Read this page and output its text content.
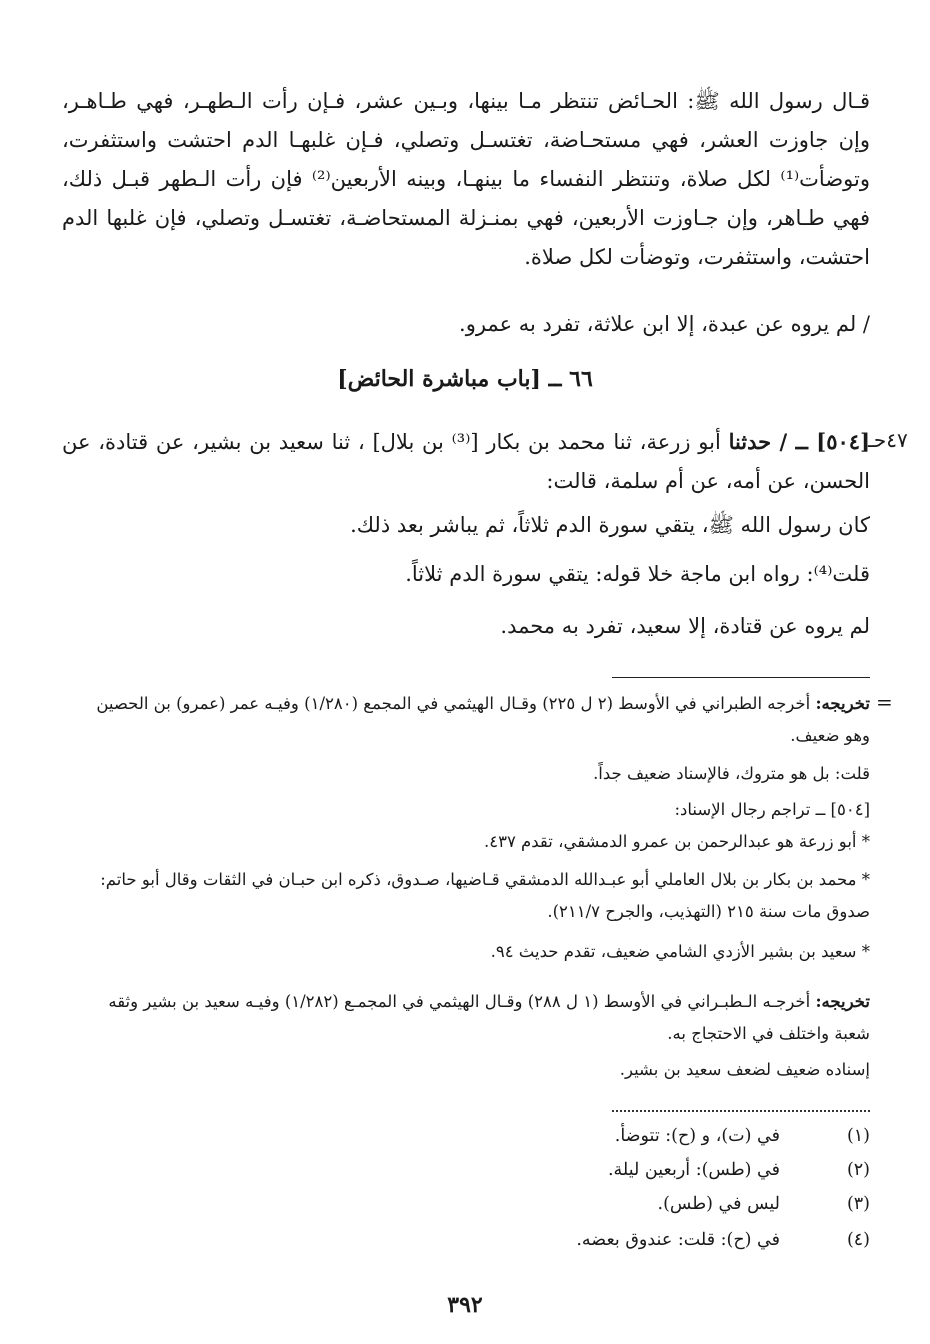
قـال رسول الله ﷺ: الحـائض تنتظر مـا بينها، وبـين عشر، فـإن رأت الـطهـر، فهي طـاهـر، وإن جاوزت العشر، فهي مستحـاضة، تغتسـل وتصلي، فـإن غلبهـا الدم احتشت واستثفرت، وتوضأت⁽¹⁾ لكل صلاة، وتنتظر النفساء ما بينهـا، وبينه الأربعين⁽²⁾ فإن رأت الـطهر قبـل ذلك، فهي طـاهر، وإن جـاوزت الأربعين، فهي بمنـزلة المستحاضـة، تغتسـل وتصلي، فإن غلبها الدم احتشت، واستثفرت، وتوضأت لكل صلاة.
/ لم يروه عن عبدة، إلا ابن علاثة، تفرد به عمرو.
٦٦ ــ [باب مباشرة الحائض]
٤٧حـ
[٥٠٤] ــ / حدثنا أبو زرعة، ثنا محمد بن بكار [⁽³⁾ بن بلال] ، ثنا سعيد بن بشير، عن قتادة، عن الحسن، عن أمه، عن أم سلمة، قالت:
كان رسول الله ﷺ، يتقي سورة الدم ثلاثاً، ثم يباشر بعد ذلك.
قلت⁽⁴⁾: رواه ابن ماجة خلا قوله: يتقي سورة الدم ثلاثاً.
لم يروه عن قتادة، إلا سعيد، تفرد به محمد.
=
تخريجه: أخرجه الطبراني في الأوسط (٢ ل ٢٢٥) وقـال الهيثمي في المجمع (١/٢٨٠) وفيـه عمر (عمرو) بن الحصين وهو ضعيف.
قلت: بل هو متروك، فالإسناد ضعيف جداً.
[٥٠٤] ــ تراجم رجال الإسناد:
* أبو زرعة هو عبدالرحمن بن عمرو الدمشقي، تقدم ٤٣٧.
* محمد بن بكار بن بلال العاملي أبو عبـدالله الدمشقي قـاضيها، صـدوق، ذكره ابن حبـان في الثقات وقال أبو حاتم: صدوق مات سنة ٢١٥ (التهذيب، والجرح ٢١١/٧).
* سعيد بن بشير الأزدي الشامي ضعيف، تقدم حديث ٩٤.
تخريجه: أخرجـه الـطبـراني في الأوسط (١ ل ٢٨٨) وقـال الهيثمي في المجمـع (١/٢٨٢) وفيـه سعيد بن بشير وثقه شعبة واختلف في الاحتجاج به.
إسناده ضعيف لضعف سعيد بن بشير.
(١)
في (ت)، و (ح): تتوضأ.
(٢)
في (طس): أربعين ليلة.
(٣)
ليس في (طس).
(٤)
في (ح): قلت: عندوق بعضه.
٣٩٢
